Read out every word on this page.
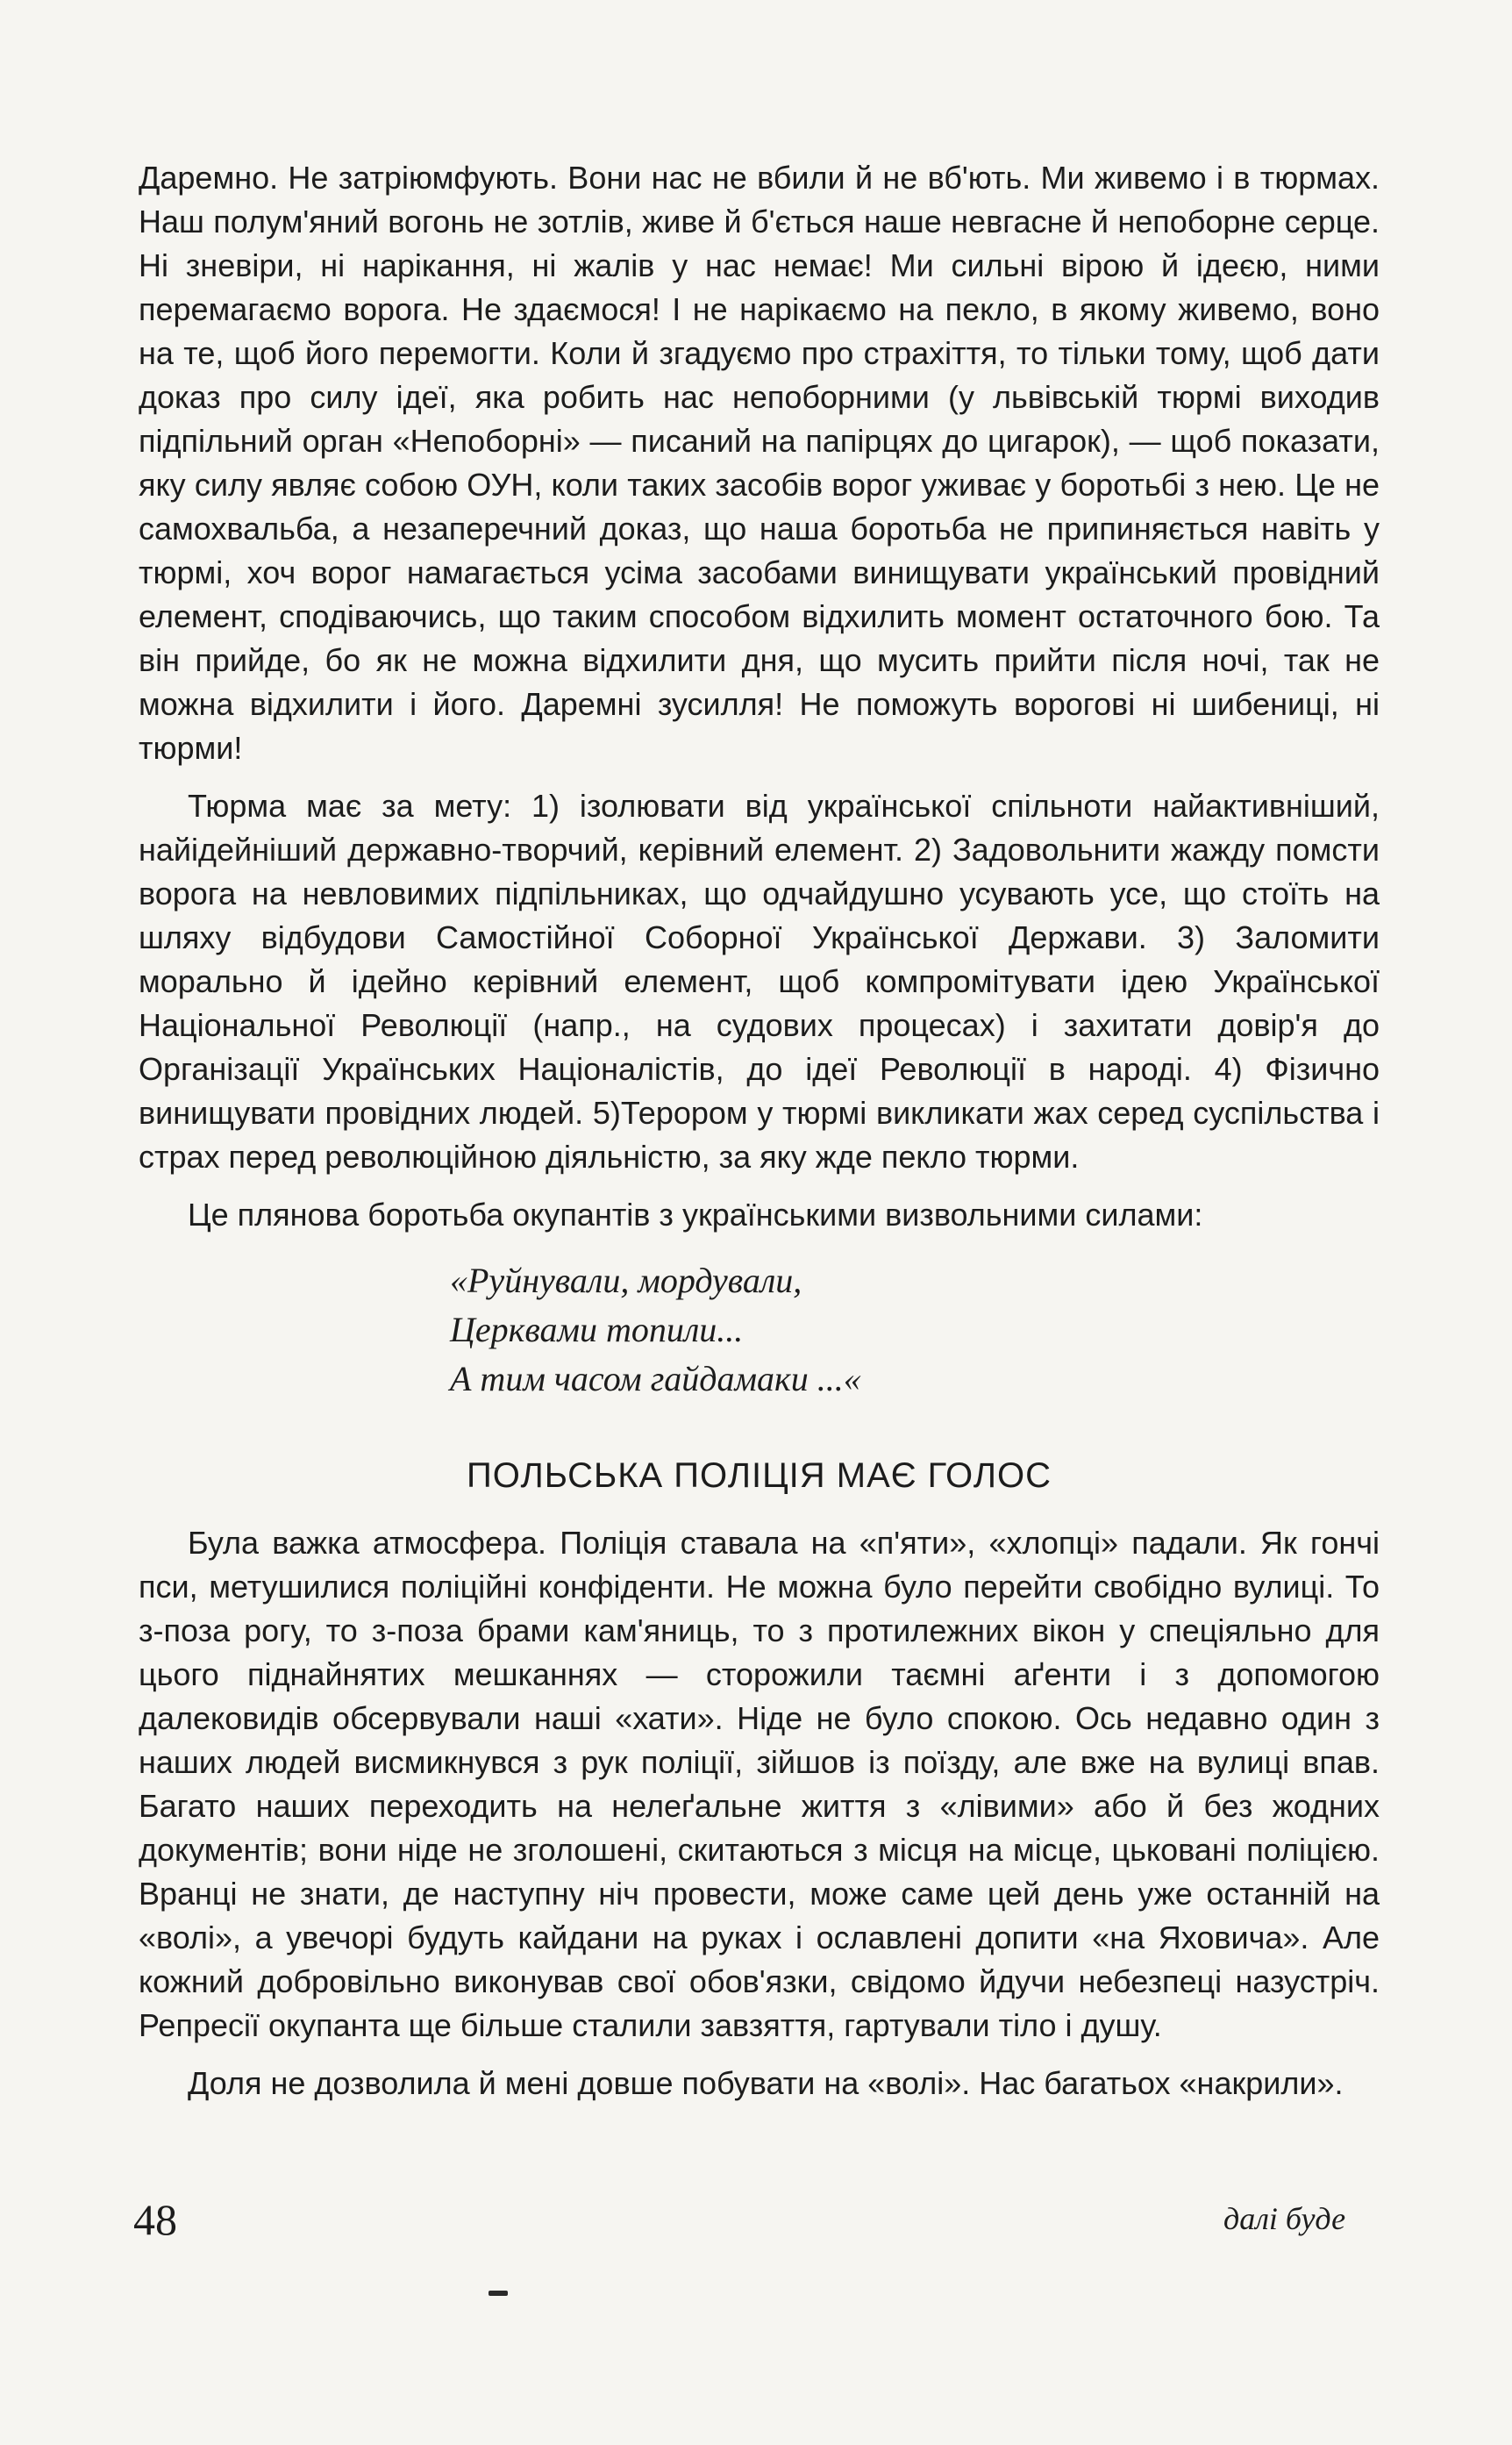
Даремно. Не затріюмфують. Вони нас не вбили й не вб'ють. Ми живемо і в тюрмах. Наш полум'яний вогонь не зотлів, живе й б'ється наше невгасне й непоборне серце. Ні зневіри, ні нарікання, ні жалів у нас немає! Ми сильні вірою й ідеєю, ними перемагаємо ворога. Не здаємося! І не нарікаємо на пекло, в якому живемо, воно на те, щоб його перемогти. Коли й згадуємо про страхіття, то тільки тому, щоб дати доказ про силу ідеї, яка робить нас непоборними (у львівській тюрмі виходив підпільний орган «Непоборні» — писаний на папірцях до цигарок), — щоб показати, яку силу являє собою ОУН, коли таких засобів ворог уживає у боротьбі з нею. Це не самохвальба, а незаперечний доказ, що наша боротьба не припиняється навіть у тюрмі, хоч ворог намагається усіма засобами винищувати український провідний елемент, сподіваючись, що таким способом відхилить момент остаточного бою. Та він прийде, бо як не можна відхилити дня, що мусить прийти після ночі, так не можна відхилити і його. Даремні зусилля! Не поможуть ворогові ні шибениці, ні тюрми!

Тюрма має за мету: 1) ізолювати від української спільноти найактивніший, найідейніший державно-творчий, керівний елемент. 2) Задовольнити жажду помсти ворога на невловимих підпільниках, що одчайдушно усувають усе, що стоїть на шляху відбудови Самостійної Соборної Української Держави. 3) Заломити морально й ідейно керівний елемент, щоб компромітувати ідею Української Національної Революції (напр., на судових процесах) і захитати довір'я до Організації Українських Націоналістів, до ідеї Революції в народі. 4) Фізично винищувати провідних людей. 5)Терором у тюрмі викликати жах серед суспільства і страх перед революційною діяльністю, за яку жде пекло тюрми.

Це плянова боротьба окупантів з українськими визвольними силами:

«Руйнували, мордували,
Церквами топили...
А тим часом гайдамаки ...«
ПОЛЬСЬКА ПОЛІЦІЯ МАЄ ГОЛОС

Була важка атмосфера. Поліція ставала на «п'яти», «хлопці» падали. Як гончі пси, метушилися поліційні конфіденти. Не можна було перейти свобідно вулиці. То з-поза рогу, то з-поза брами кам'яниць, то з протилежних вікон у спеціяльно для цього піднайнятих мешканнях — сторожили таємні аґенти і з допомогою далековидів обсервували наші «хати». Ніде не було спокою. Ось недавно один з наших людей висмикнувся з рук поліції, зійшов із поїзду, але вже на вулиці впав. Багато наших переходить на нелеґальне життя з «лівими» або й без жодних документів; вони ніде не зголошені, скитаються з місця на місце, цьковані поліцією. Вранці не знати, де наступну ніч провести, може саме цей день уже останній на «волі», а увечорі будуть кайдани на руках і ославлені допити «на Яховича». Але кожний добровільно виконував свої обов'язки, свідомо йдучи небезпеці назустріч. Репресії окупанта ще більше сталили завзяття, гартували тіло і душу.

Доля не дозволила й мені довше побувати на «волі». Нас багатьох «накрили».

48	далі буде
